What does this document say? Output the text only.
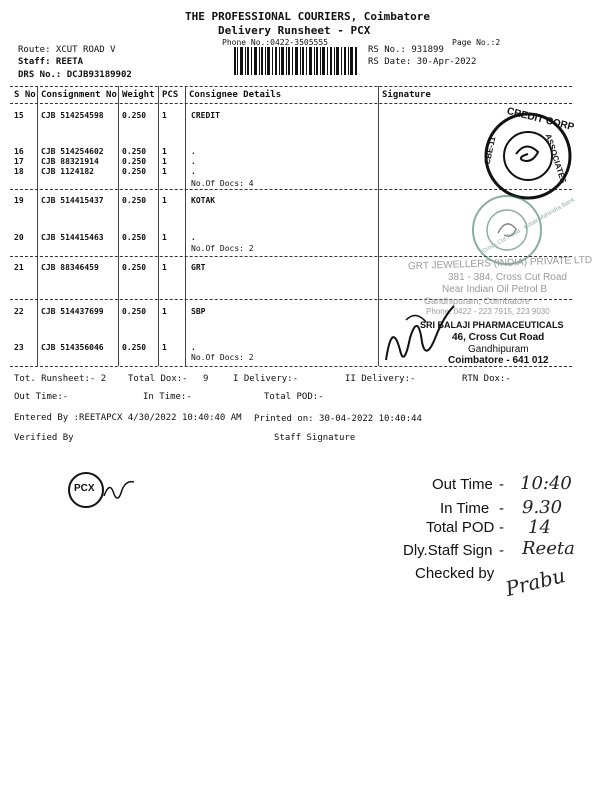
THE PROFESSIONAL COURIERS, Coimbatore
Delivery Runsheet - PCX
Phone No.:0422-3505555	Page No.:2
Route: XCUT ROAD V
Staff: REETA
DRS No.: DCJB93189902
RS No.: 931899
RS Date: 30-Apr-2022
S No Consignment No Weight PCS Consignee Details	Signature
15 CJB 514254598 0.250 1	CREDIT
16 CJB 514254602 0.250 1	.
17 CJB 88321914	0.250 1	.
18 CJB 1124182	0.250 1	.
No.Of Docs: 4
19 CJB 514415437 0.250 1	KOTAK
20 CJB 514415463 0.250 1	.
No.Of Docs: 2
21 CJB 88346459	0.250 1	GRT
22 CJB 514437699 0.250 1	SBP
23 CJB 514356046 0.250 1	.
No.Of Docs: 2
Tot. Runsheet:- 2 Total Dox:- 9	I Delivery:-	II Delivery:-	RTN Dox:-
Out Time:-	In Time:-	Total POD:-
Entered By :REETAPCX 4/30/2022 10:40:40 AM Printed on: 30-04-2022 10:40:44
Verified By	Staff Signature
CREDIT CORP
ASSOCIATES
CBE-11
Cross Cut Road · Kotak Mahindra Bank
GRT JEWELLERS (INDIA) PRIVATE LTD
381 - 384, Cross Cut Road
Near Indian Oil Petrol B
Gandhipuram, Coimbatore
Phone: 0422 - 223 7915, 223 9030
SRI BALAJI PHARMACEUTICALS
46, Cross Cut Road
Gandhipuram
Coimbatore - 641 012
PCX	Out Time
In Time
Total POD
Dly.Staff Sign
Checked by
-
-
-
-
10:40
9.30
14
Reeta
Prabu
